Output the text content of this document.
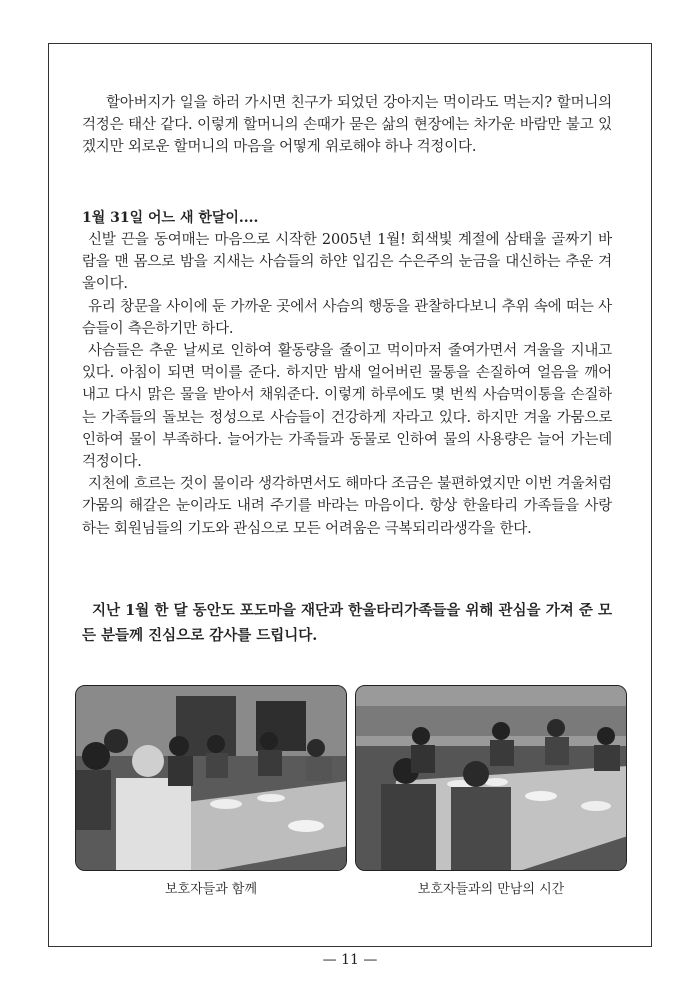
할아버지가 일을 하러 가시면 친구가 되었던 강아지는 먹이라도 먹는지? 할머니의 걱정은 태산 같다. 이렇게 할머니의 손때가 묻은 삶의 현장에는 차가운 바람만 불고 있겠지만 외로운 할머니의 마음을 어떻게 위로해야 하나 걱정이다.

1월 31일 어느 새 한달이....

신발 끈을 동여매는 마음으로 시작한 2005년 1월! 회색빛 계절에 삼태울 골짜기 바람을 맨 몸으로 밤을 지새는 사슴들의 하얀 입김은 수은주의 눈금을 대신하는 추운 겨울이다.

유리 창문을 사이에 둔 가까운 곳에서 사슴의 행동을 관찰하다보니 추위 속에 떠는 사슴들이 측은하기만 하다.

사슴들은 추운 날씨로 인하여 활동량을 줄이고 먹이마저 줄여가면서 겨울을 지내고 있다. 아침이 되면 먹이를 준다. 하지만 밤새 얼어버린 물통을 손질하여 얼음을 깨어 내고 다시 맑은 물을 받아서 채워준다. 이렇게 하루에도 몇 번씩 사슴먹이통을 손질하는 가족들의 돌보는 정성으로 사슴들이 건강하게 자라고 있다. 하지만 겨울 가뭄으로 인하여 물이 부족하다. 늘어가는 가족들과 동물로 인하여 물의 사용량은 늘어 가는데 걱정이다.

지천에 흐르는 것이 물이라 생각하면서도 해마다 조금은 불편하였지만 이번 겨울처럼 가뭄의 해갈은 눈이라도 내려 주기를 바라는 마음이다. 항상 한울타리 가족들을 사랑하는 회원님들의 기도와 관심으로 모든 어려움은 극복되리라생각을 한다.

지난 1월 한 달 동안도 포도마을 재단과 한울타리가족들을 위해 관심을 가져 준 모든 분들께 진심으로 감사를 드립니다.
보호자들과 함께	보호자들과의 만남의 시간
— 11 —
